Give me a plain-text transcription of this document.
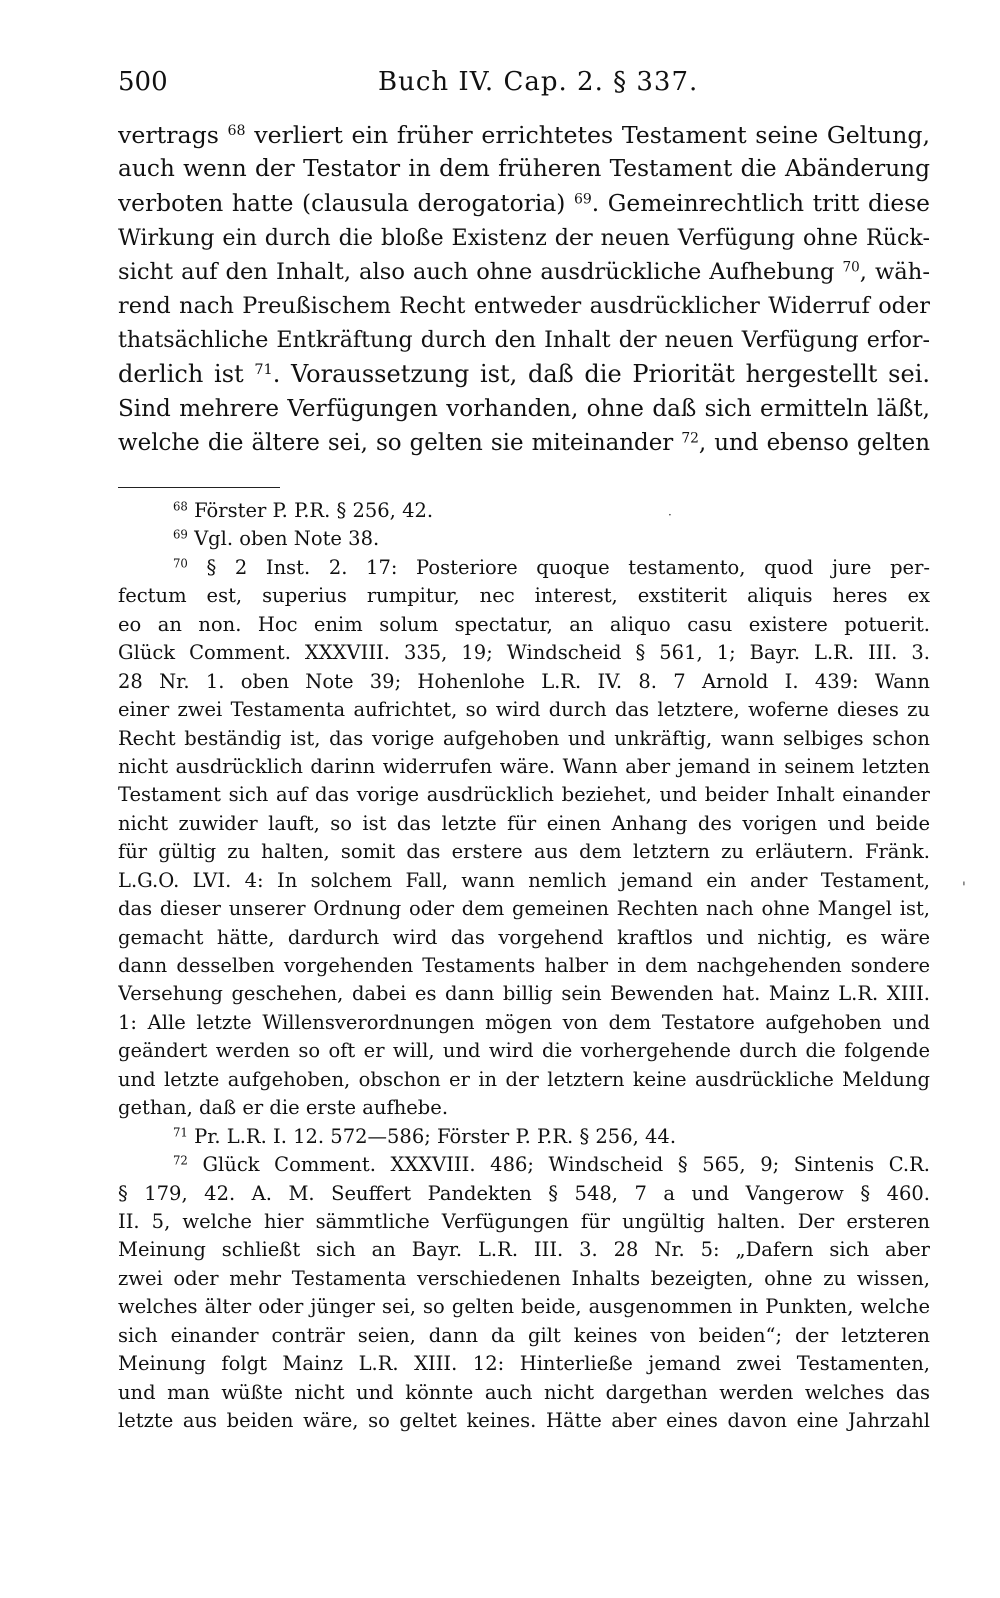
500	Buch IV. Cap. 2. § 337.
vertrags $^{68}$ verliert ein früher errichtetes Testament seine Geltung,
auch wenn der Testator in dem früheren Testament die Abänderung
verboten hatte (clausula derogatoria) $^{69}$. Gemeinrechtlich tritt diese
Wirkung ein durch die bloße Existenz der neuen Verfügung ohne Rück-
sicht auf den Inhalt, also auch ohne ausdrückliche Aufhebung $^{70}$, wäh-
rend nach Preußischem Recht entweder ausdrücklicher Widerruf oder
thatsächliche Entkräftung durch den Inhalt der neuen Verfügung erfor-
derlich ist $^{71}$. Voraussetzung ist, daß die Priorität hergestellt sei.
Sind mehrere Verfügungen vorhanden, ohne daß sich ermitteln läßt,
welche die ältere sei, so gelten sie miteinander $^{72}$, und ebenso gelten
·
$^{68}$ Förster P. P.R. § 256, 42.
$^{69}$ Vgl. oben Note 38.
$^{70}$ § 2 Inst. 2. 17: Posteriore quoque testamento, quod jure per-
fectum est, superius rumpitur, nec interest, exstiterit aliquis heres ex
eo an non. Hoc enim solum spectatur, an aliquo casu existere potuerit.
Glück Comment. XXXVIII. 335, 19; Windscheid § 561, 1; Bayr. L.R. III. 3.
28 Nr. 1. oben Note 39; Hohenlohe L.R. IV. 8. 7 Arnold I. 439: Wann
einer zwei Testamenta aufrichtet, so wird durch das letztere, woferne dieses zu
Recht beständig ist, das vorige aufgehoben und unkräftig, wann selbiges schon
nicht ausdrücklich darinn widerrufen wäre. Wann aber jemand in seinem letzten
Testament sich auf das vorige ausdrücklich beziehet, und beider Inhalt einander
nicht zuwider lauft, so ist das letzte für einen Anhang des vorigen und beide
für gültig zu halten, somit das erstere aus dem letztern zu erläutern. Fränk.
L.G.O. LVI. 4: In solchem Fall, wann nemlich jemand ein ander Testament,
das dieser unserer Ordnung oder dem gemeinen Rechten nach ohne Mangel ist,
gemacht hätte, dardurch wird das vorgehend kraftlos und nichtig, es wäre
dann desselben vorgehenden Testaments halber in dem nachgehenden sondere
Versehung geschehen, dabei es dann billig sein Bewenden hat. Mainz L.R. XIII.
1: Alle letzte Willensverordnungen mögen von dem Testatore aufgehoben und
geändert werden so oft er will, und wird die vorhergehende durch die folgende
und letzte aufgehoben, obschon er in der letztern keine ausdrückliche Meldung
gethan, daß er die erste aufhebe.
$^{71}$ Pr. L.R. I. 12. 572—586; Förster P. P.R. § 256, 44.
$^{72}$ Glück Comment. XXXVIII. 486; Windscheid § 565, 9; Sintenis C.R.
§ 179, 42. A. M. Seuffert Pandekten § 548, 7 a und Vangerow § 460.
II. 5, welche hier sämmtliche Verfügungen für ungültig halten. Der ersteren
Meinung schließt sich an Bayr. L.R. III. 3. 28 Nr. 5: „Dafern sich aber
zwei oder mehr Testamenta verschiedenen Inhalts bezeigten, ohne zu wissen,
welches älter oder jünger sei, so gelten beide, ausgenommen in Punkten, welche
sich einander conträr seien, dann da gilt keines von beiden“; der letzteren
Meinung folgt Mainz L.R. XIII. 12: Hinterließe jemand zwei Testamenten,
und man wüßte nicht und könnte auch nicht dargethan werden welches das
letzte aus beiden wäre, so geltet keines. Hätte aber eines davon eine Jahrzahl
'
